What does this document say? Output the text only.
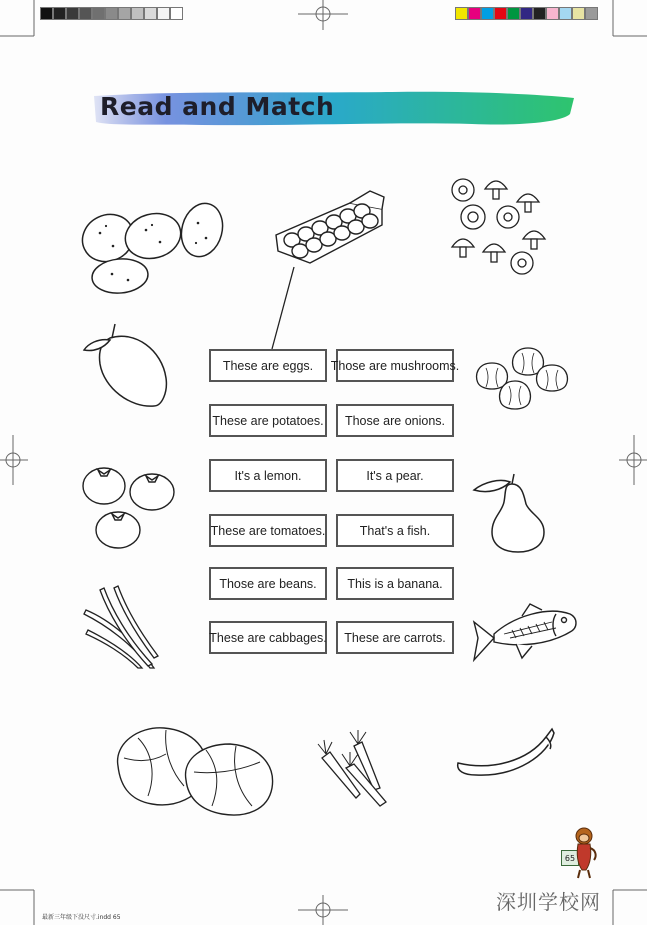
Read and Match
These are eggs.
These are potatoes.
It's a lemon.
These are tomatoes.
Those are beans.
These are cabbages.
Those are mushrooms.
Those are onions.
It's a pear.
That's a fish.
This is a banana.
These are carrots.
65
最新三年级下没尺寸.indd 65
深圳学校网
